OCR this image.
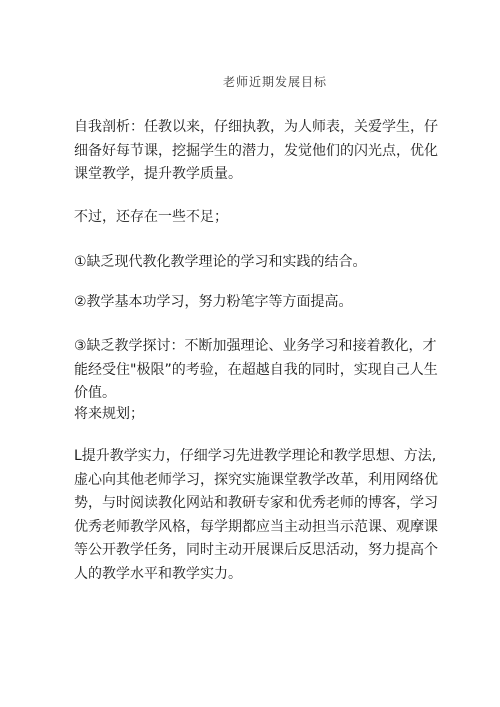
老师近期发展目标

自我剖析：任教以来，仔细执教，为人师表，关爱学生，仔细备好每节课，挖掘学生的潜力，发觉他们的闪光点，优化课堂教学，提升教学质量。

不过，还存在一些不足；

①缺乏现代教化教学理论的学习和实践的结合。

②教学基本功学习，努力粉笔字等方面提高。

③缺乏教学探讨：不断加强理论、业务学习和接着教化，才能经受住"极限”的考验，在超越自我的同时，实现自己人生价值。

将来规划；

L提升教学实力，仔细学习先进教学理论和教学思想、方法,虚心向其他老师学习，探究实施课堂教学改革，利用网络优势，与时阅读教化网站和教研专家和优秀老师的博客，学习优秀老师教学风格，每学期都应当主动担当示范课、观摩课等公开教学任务，同时主动开展课后反思活动，努力提高个人的教学水平和教学实力。
